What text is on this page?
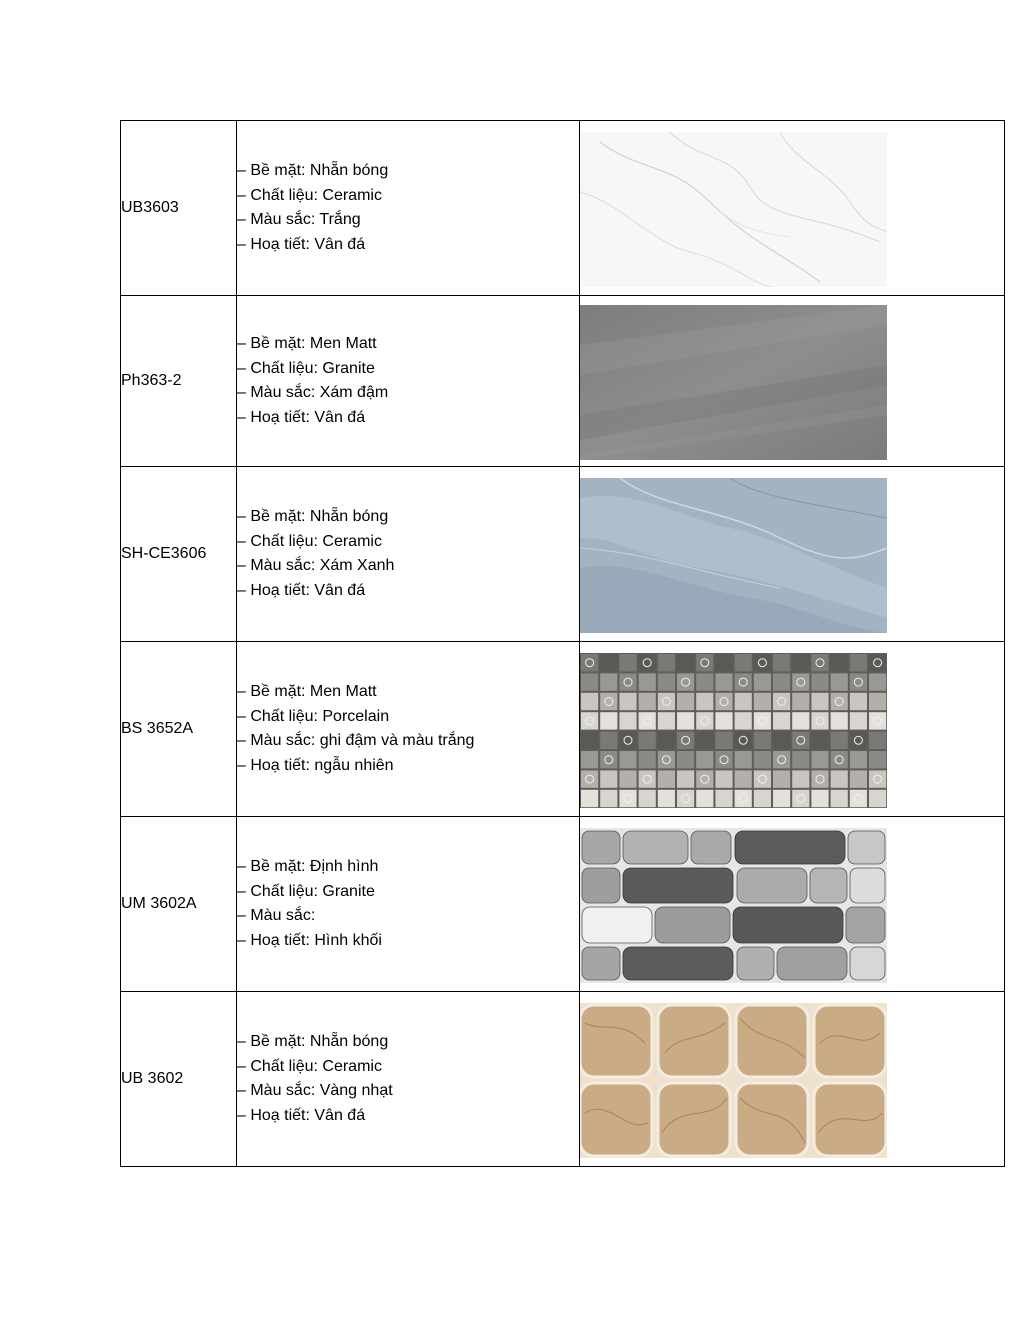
UB3603	– Bề mặt: Nhẵn bóng
– Chất liệu: Ceramic
– Màu sắc: Trắng
– Hoạ tiết: Vân đá

Ph363-2	– Bề mặt: Men Matt
– Chất liệu: Granite
– Màu sắc: Xám đậm
– Hoạ tiết: Vân đá

SH-CE3606	– Bề mặt: Nhẵn bóng
– Chất liệu: Ceramic
– Màu sắc: Xám Xanh
– Hoạ tiết: Vân đá

BS 3652A	– Bề mặt: Men Matt
– Chất liệu: Porcelain
– Màu sắc: ghi đậm và màu trắng
– Hoạ tiết: ngẫu nhiên

UM 3602A	– Bề mặt: Định hình
– Chất liệu: Granite
– Màu sắc:
– Hoạ tiết: Hình khối

UB 3602	– Bề mặt: Nhẵn bóng
– Chất liệu: Ceramic
– Màu sắc: Vàng nhạt
– Hoạ tiết: Vân đá
